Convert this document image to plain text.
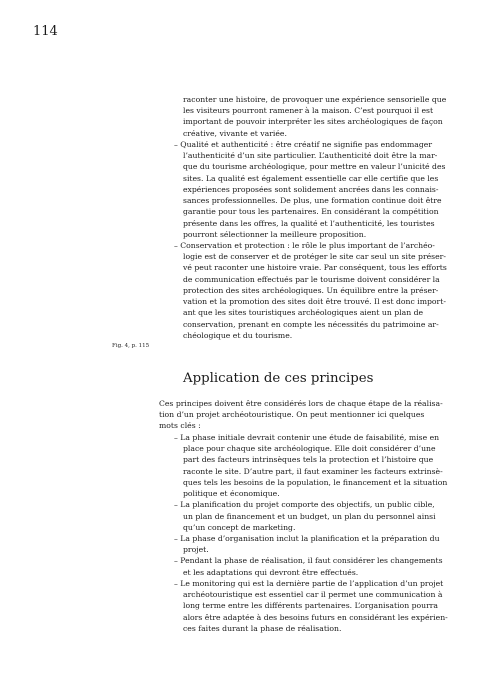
114
raconter une histoire, de provoquer une expérience sensorielle que
les visiteurs pourront ramener à la maison. C’est pourquoi il est
important de pouvoir interpréter les sites archéologiques de façon
créative, vivante et variée.
– Qualité et authenticité : être créatif ne signifie pas endommager
l’authenticité d’un site particulier. L’authenticité doit être la mar-
que du tourisme archéologique, pour mettre en valeur l’unicité des
sites. La qualité est également essentielle car elle certifie que les
expériences proposées sont solidement ancrées dans les connais-
sances professionnelles. De plus, une formation continue doit être
garantie pour tous les partenaires. En considérant la compétition
présente dans les offres, la qualité et l’authenticité, les touristes
pourront sélectionner la meilleure proposition.
– Conservation et protection : le rôle le plus important de l’archéo-
logie est de conserver et de protéger le site car seul un site préser-
vé peut raconter une histoire vraie. Par conséquent, tous les efforts
de communication effectués par le tourisme doivent considérer la
protection des sites archéologiques. Un équilibre entre la préser-
vation et la promotion des sites doit être trouvé. Il est donc import-
ant que les sites touristiques archéologiques aient un plan de
conservation, prenant en compte les nécessités du patrimoine ar-
chéologique et du tourisme.
Fig. 4, p. 115
Application de ces principes
Ces principes doivent être considérés lors de chaque étape de la réalisa-
tion d’un projet archéotouristique. On peut mentionner ici quelques
mots clés :
– La phase initiale devrait contenir une étude de faisabilité, mise en
place pour chaque site archéologique. Elle doit considérer d’une
part des facteurs intrinsèques tels la protection et l’histoire que
raconte le site. D’autre part, il faut examiner les facteurs extrinsè-
ques tels les besoins de la population, le financement et la situation
politique et économique.
– La planification du projet comporte des objectifs, un public cible,
un plan de financement et un budget, un plan du personnel ainsi
qu’un concept de marketing.
– La phase d’organisation inclut la planification et la préparation du
projet.
– Pendant la phase de réalisation, il faut considérer les changements
et les adaptations qui devront être effectués.
– Le monitoring qui est la dernière partie de l’application d’un projet
archéotouristique est essentiel car il permet une communication à
long terme entre les différents partenaires. L’organisation pourra
alors être adaptée à des besoins futurs en considérant les expérien-
ces faites durant la phase de réalisation.
